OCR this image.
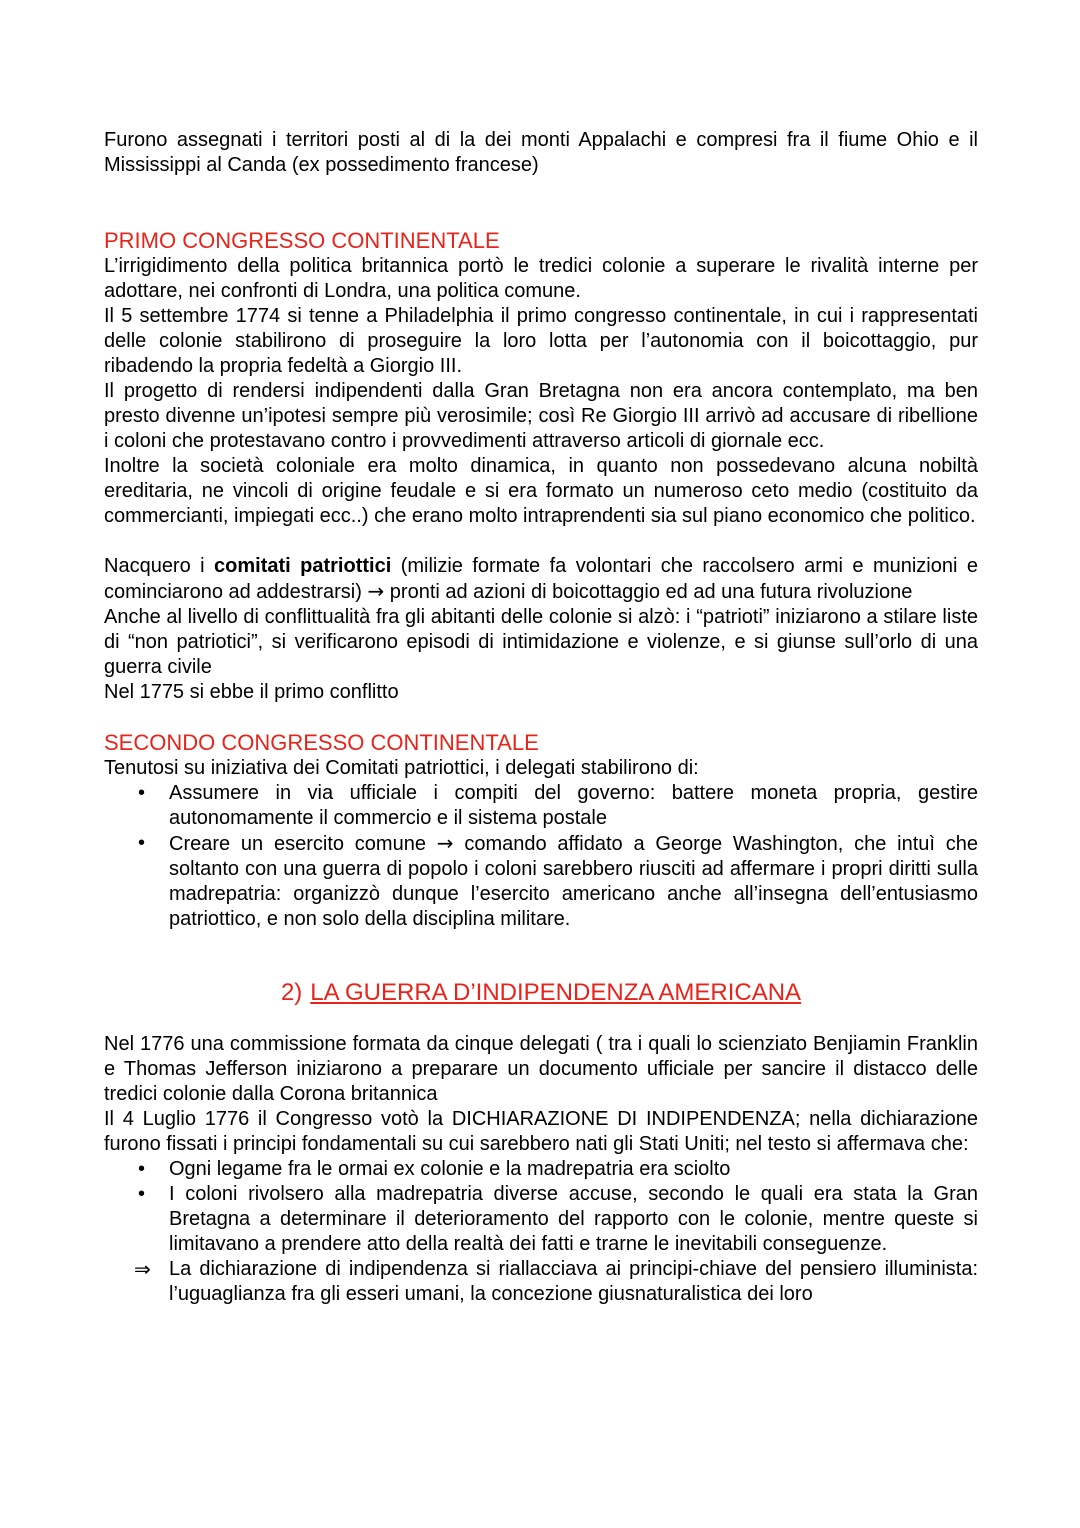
Furono assegnati i territori posti al di la dei monti Appalachi e compresi fra il fiume Ohio e il Mississippi al Canda (ex possedimento francese)

PRIMO CONGRESSO CONTINENTALE

L’irrigidimento della politica britannica portò le tredici colonie a superare le rivalità interne per adottare, nei confronti di Londra, una politica comune.

Il 5 settembre 1774 si tenne a Philadelphia il primo congresso continentale, in cui i rappresentati delle colonie stabilirono di proseguire la loro lotta per l’autonomia con il boicottaggio, pur ribadendo la propria fedeltà a Giorgio III.

Il progetto di rendersi indipendenti dalla Gran Bretagna non era ancora contemplato, ma ben presto divenne un’ipotesi sempre più verosimile; così Re Giorgio III arrivò ad accusare di ribellione i coloni che protestavano contro i provvedimenti attraverso articoli di giornale ecc.

Inoltre la società coloniale era molto dinamica, in quanto non possedevano alcuna nobiltà ereditaria, ne vincoli di origine feudale e si era formato un numeroso ceto medio (costituito da commercianti, impiegati ecc..) che erano molto intraprendenti sia sul piano economico che politico.

Nacquero i comitati patriottici (milizie formate fa volontari che raccolsero armi e munizioni e cominciarono ad addestrarsi) → pronti ad azioni di boicottaggio ed ad una futura rivoluzione

Anche al livello di conflittualità fra gli abitanti delle colonie si alzò: i “patrioti” iniziarono a stilare liste di “non patriotici”, si verificarono episodi di intimidazione e violenze, e si giunse sull’orlo di una guerra civile

Nel 1775 si ebbe il primo conflitto

SECONDO CONGRESSO CONTINENTALE

Tenutosi su iniziativa dei Comitati patriottici, i delegati stabilirono di:

• Assumere in via ufficiale i compiti del governo: battere moneta propria, gestire autonomamente il commercio e il sistema postale
• Creare un esercito comune → comando affidato a George Washington, che intuì che soltanto con una guerra di popolo i coloni sarebbero riusciti ad affermare i propri diritti sulla madrepatria: organizzò dunque l’esercito americano anche all’insegna dell’entusiasmo patriottico, e non solo della disciplina militare.
2) LA GUERRA D’INDIPENDENZA AMERICANA

Nel 1776 una commissione formata da cinque delegati ( tra i quali lo scienziato Benjiamin Franklin e Thomas Jefferson iniziarono a preparare un documento ufficiale per sancire il distacco delle tredici colonie dalla Corona britannica

Il 4 Luglio 1776 il Congresso votò la DICHIARAZIONE DI INDIPENDENZA; nella dichiarazione furono fissati i principi fondamentali su cui sarebbero nati gli Stati Uniti; nel testo si affermava che:

• Ogni legame fra le ormai ex colonie e la madrepatria era sciolto
• I coloni rivolsero alla madrepatria diverse accuse, secondo le quali era stata la Gran Bretagna a determinare il deterioramento del rapporto con le colonie, mentre queste si limitavano a prendere atto della realtà dei fatti e trarne le inevitabili conseguenze.
⇒ La dichiarazione di indipendenza si riallacciava ai principi-chiave del pensiero illuminista: l’uguaglianza fra gli esseri umani, la concezione giusnaturalistica dei loro
